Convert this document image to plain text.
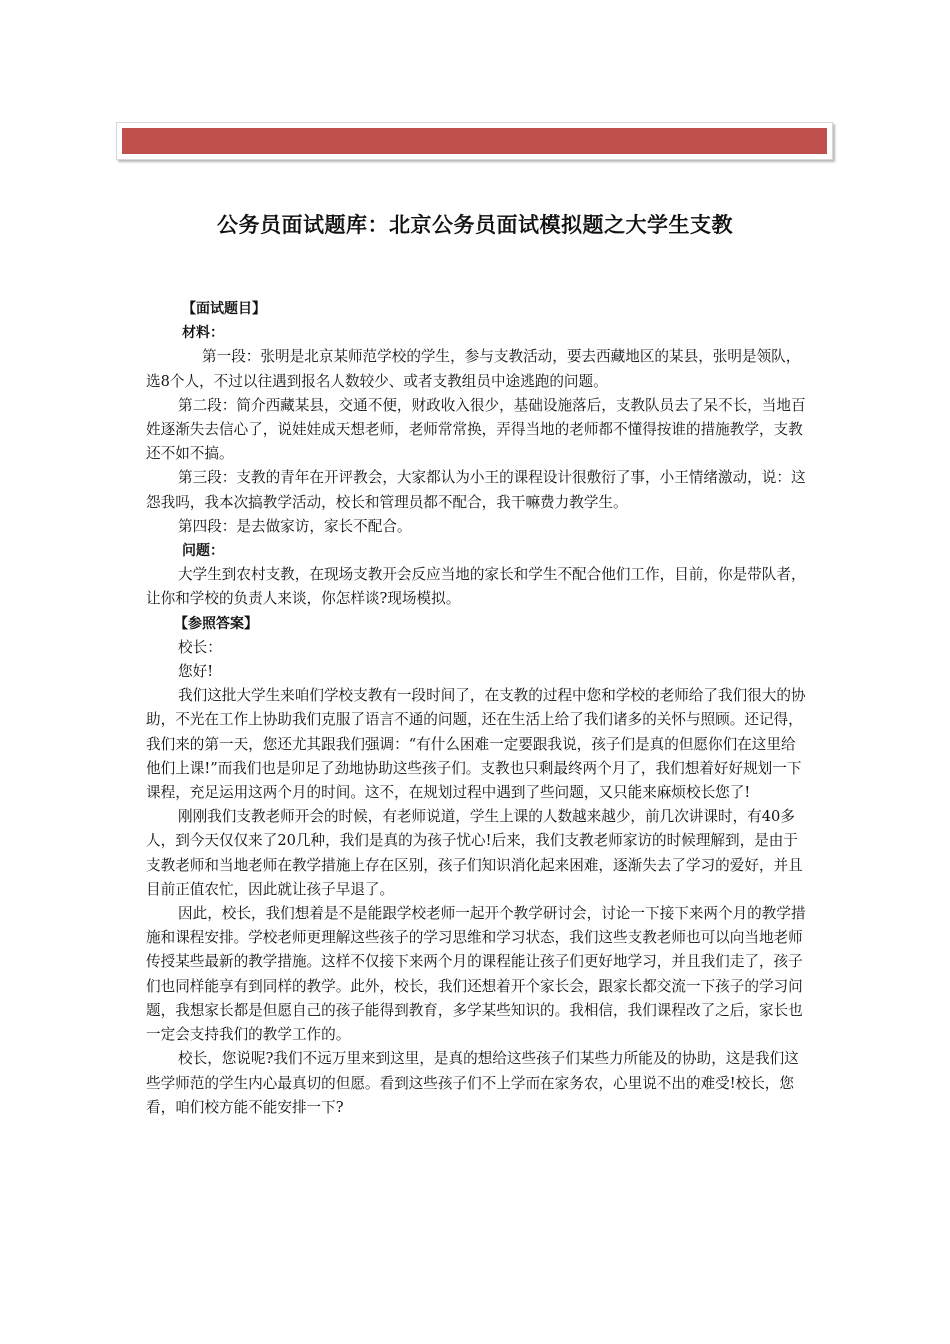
公务员面试题库：北京公务员面试模拟题之大学生支教

【面试题目】

材料：

第一段：张明是北京某师范学校的学生，参与支教活动，要去西藏地区的某县，张明是领队，选8个人，不过以往遇到报名人数较少、或者支教组员中途逃跑的问题。

第二段：简介西藏某县，交通不便，财政收入很少，基础设施落后，支教队员去了呆不长，当地百姓逐渐失去信心了，说娃娃成天想老师，老师常常换，弄得当地的老师都不懂得按谁的措施教学，支教还不如不搞。

第三段：支教的青年在开评教会，大家都认为小王的课程设计很敷衍了事，小王情绪激动，说：这怨我吗，我本次搞教学活动，校长和管理员都不配合，我干嘛费力教学生。

第四段：是去做家访，家长不配合。

问题：

大学生到农村支教，在现场支教开会反应当地的家长和学生不配合他们工作，目前，你是带队者，让你和学校的负责人来谈，你怎样谈?现场模拟。

【参照答案】

校长：

您好!

我们这批大学生来咱们学校支教有一段时间了，在支教的过程中您和学校的老师给了我们很大的协助，不光在工作上协助我们克服了语言不通的问题，还在生活上给了我们诸多的关怀与照顾。还记得，我们来的第一天，您还尤其跟我们强调：“有什么困难一定要跟我说，孩子们是真的但愿你们在这里给他们上课!”而我们也是卯足了劲地协助这些孩子们。支教也只剩最终两个月了，我们想着好好规划一下课程，充足运用这两个月的时间。这不，在规划过程中遇到了些问题，又只能来麻烦校长您了!

刚刚我们支教老师开会的时候，有老师说道，学生上课的人数越来越少，前几次讲课时，有40多人，到今天仅仅来了20几种，我们是真的为孩子忧心!后来，我们支教老师家访的时候理解到，是由于支教老师和当地老师在教学措施上存在区别，孩子们知识消化起来困难，逐渐失去了学习的爱好，并且目前正值农忙，因此就让孩子早退了。

因此，校长，我们想着是不是能跟学校老师一起开个教学研讨会，讨论一下接下来两个月的教学措施和课程安排。学校老师更理解这些孩子的学习思维和学习状态，我们这些支教老师也可以向当地老师传授某些最新的教学措施。这样不仅接下来两个月的课程能让孩子们更好地学习，并且我们走了，孩子们也同样能享有到同样的教学。此外，校长，我们还想着开个家长会，跟家长都交流一下孩子的学习问题，我想家长都是但愿自己的孩子能得到教育，多学某些知识的。我相信，我们课程改了之后，家长也一定会支持我们的教学工作的。

校长，您说呢?我们不远万里来到这里，是真的想给这些孩子们某些力所能及的协助，这是我们这些学师范的学生内心最真切的但愿。看到这些孩子们不上学而在家务农，心里说不出的难受!校长，您看，咱们校方能不能安排一下?
